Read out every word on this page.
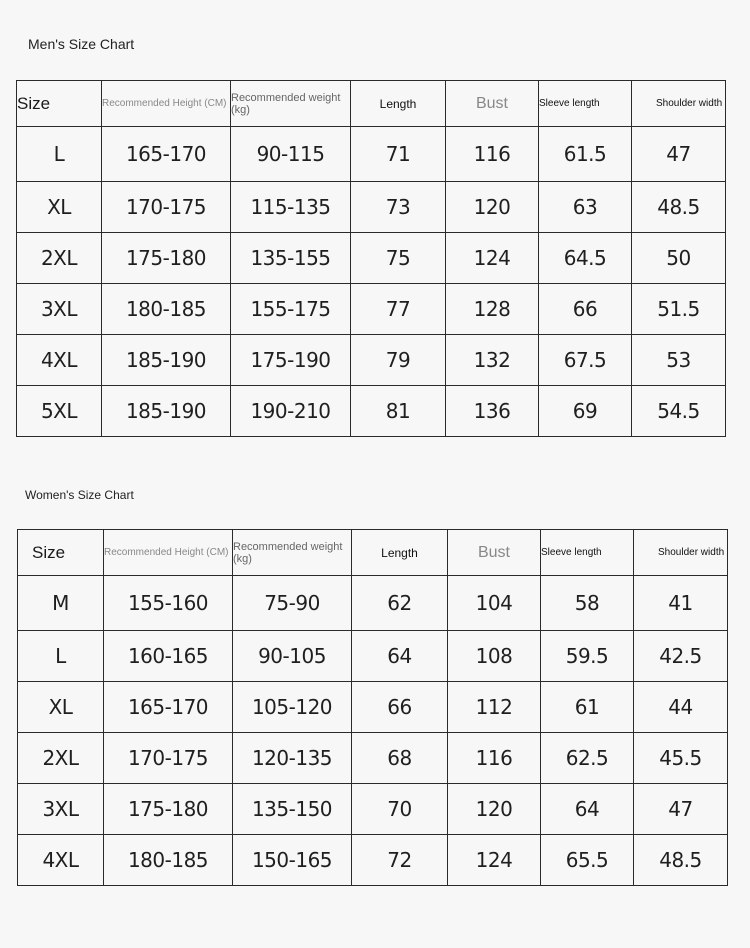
Men's Size Chart
Size	Recommended Height (CM)	Recommended weight (kg)	Length	Bust	Sleeve length	Shoulder width
L	165-170	90-115	71	116	61.5	47
XL	170-175	115-135	73	120	63	48.5
2XL	175-180	135-155	75	124	64.5	50
3XL	180-185	155-175	77	128	66	51.5
4XL	185-190	175-190	79	132	67.5	53
5XL	185-190	190-210	81	136	69	54.5
Women's Size Chart
Size	Recommended Height (CM)	Recommended weight (kg)	Length	Bust	Sleeve length	Shoulder width
M	155-160	75-90	62	104	58	41
L	160-165	90-105	64	108	59.5	42.5
XL	165-170	105-120	66	112	61	44
2XL	170-175	120-135	68	116	62.5	45.5
3XL	175-180	135-150	70	120	64	47
4XL	180-185	150-165	72	124	65.5	48.5
